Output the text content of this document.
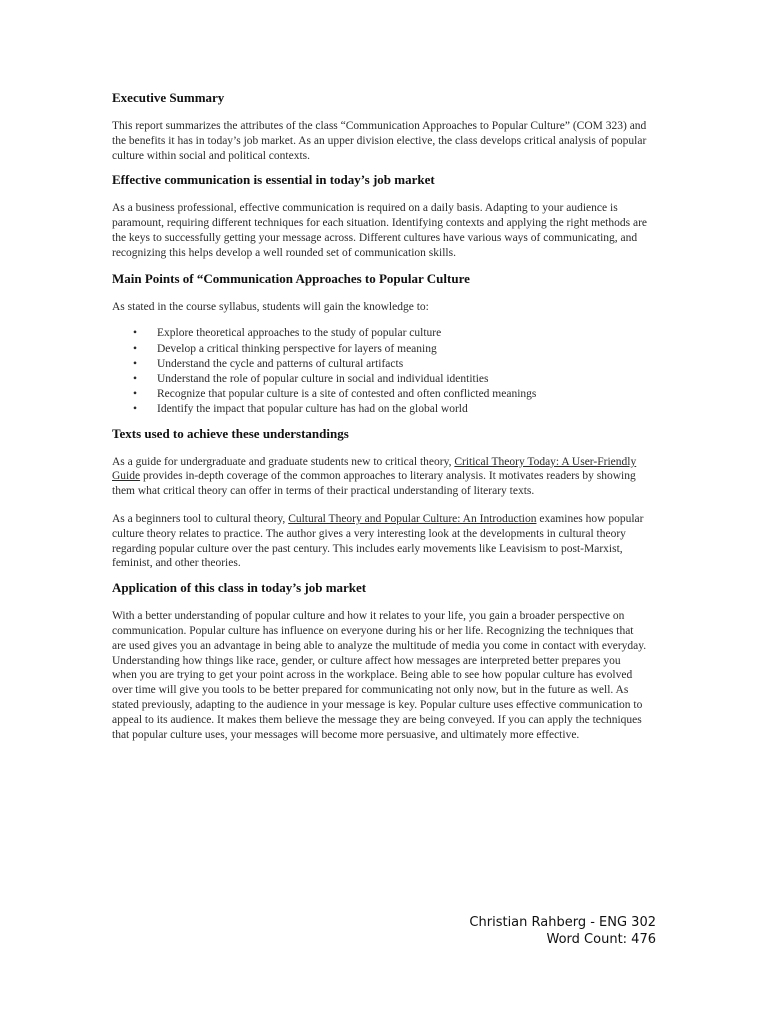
Executive Summary

This report summarizes the attributes of the class “Communication Approaches to Popular Culture” (COM 323) and the benefits it has in today’s job market. As an upper division elective, the class develops critical analysis of popular culture within social and political contexts.

Effective communication is essential in today’s job market

As a business professional, effective communication is required on a daily basis. Adapting to your audience is paramount, requiring different techniques for each situation. Identifying contexts and applying the right methods are the keys to successfully getting your message across. Different cultures have various ways of communicating, and recognizing this helps develop a well rounded set of communication skills.

Main Points of “Communication Approaches to Popular Culture

As stated in the course syllabus, students will gain the knowledge to:

• Explore theoretical approaches to the study of popular culture
• Develop a critical thinking perspective for layers of meaning
• Understand the cycle and patterns of cultural artifacts
• Understand the role of popular culture in social and individual identities
• Recognize that popular culture is a site of contested and often conflicted meanings
• Identify the impact that popular culture has had on the global world
Texts used to achieve these understandings

As a guide for undergraduate and graduate students new to critical theory, Critical Theory Today: A User-Friendly Guide provides in-depth coverage of the common approaches to literary analysis. It motivates readers by showing them what critical theory can offer in terms of their practical understanding of literary texts.

As a beginners tool to cultural theory, Cultural Theory and Popular Culture: An Introduction examines how popular culture theory relates to practice. The author gives a very interesting look at the developments in cultural theory regarding popular culture over the past century. This includes early movements like Leavisism to post-Marxist, feminist, and other theories.

Application of this class in today’s job market

With a better understanding of popular culture and how it relates to your life, you gain a broader perspective on communication. Popular culture has influence on everyone during his or her life. Recognizing the techniques that are used gives you an advantage in being able to analyze the multitude of media you come in contact with everyday. Understanding how things like race, gender, or culture affect how messages are interpreted better prepares you when you are trying to get your point across in the workplace. Being able to see how popular culture has evolved over time will give you tools to be better prepared for communicating not only now, but in the future as well. As stated previously, adapting to the audience in your message is key. Popular culture uses effective communication to appeal to its audience. It makes them believe the message they are being conveyed. If you can apply the techniques that popular culture uses, your messages will become more persuasive, and ultimately more effective.

Christian Rahberg - ENG 302
Word Count: 476
